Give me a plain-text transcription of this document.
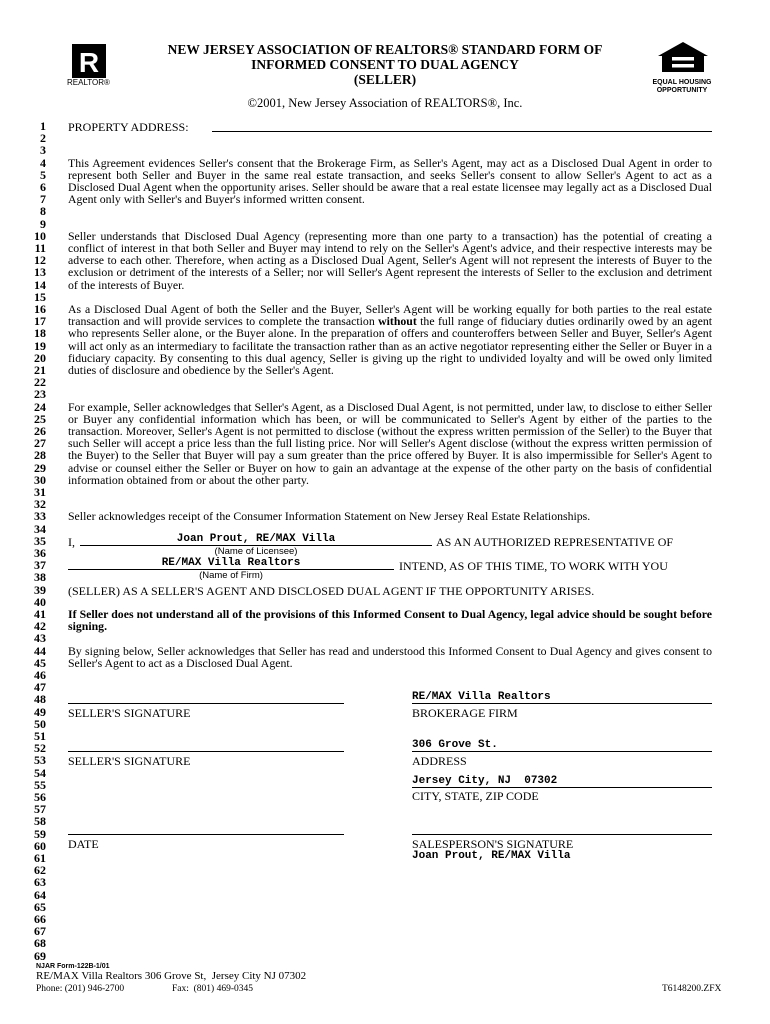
R
REALTOR®
NEW JERSEY ASSOCIATION OF REALTORS® STANDARD FORM OF
INFORMED CONSENT TO DUAL AGENCY
(SELLER)	EQUAL HOUSING
OPPORTUNITY
©2001, New Jersey Association of REALTORS®, Inc.
1
2
3
4
5
6
7
8
9
10
11
12
13
14
15
16
17
18
19
20
21
22
23
24
25
26
27
28
29
30
31
32
33
34
35
36
37
38
39
40
41
42
43
44
45
46
47
48
49
50
51
52
53
54
55
56
57
58
59
60
61
62
63
64
65
66
67
68
69
PROPERTY ADDRESS:
This Agreement evidences Seller's consent that the Brokerage Firm, as Seller's Agent, may act as a Disclosed Dual Agent in order to represent both Seller and Buyer in the same real estate transaction, and seeks Seller's consent to allow Seller's Agent to act as a Disclosed Dual Agent when the opportunity arises. Seller should be aware that a real estate licensee may legally act as a Disclosed Dual Agent only with Seller's and Buyer's informed written consent.
Seller understands that Disclosed Dual Agency (representing more than one party to a transaction) has the potential of creating a conflict of interest in that both Seller and Buyer may intend to rely on the Seller's Agent's advice, and their respective interests may be adverse to each other. Therefore, when acting as a Disclosed Dual Agent, Seller's Agent will not represent the interests of Buyer to the exclusion or detriment of the interests of a Seller; nor will Seller's Agent represent the interests of Seller to the exclusion and detriment of the interests of Buyer.
As a Disclosed Dual Agent of both the Seller and the Buyer, Seller's Agent will be working equally for both parties to the real estate transaction and will provide services to complete the transaction without the full range of fiduciary duties ordinarily owed by an agent who represents Seller alone, or the Buyer alone. In the preparation of offers and counteroffers between Seller and Buyer, Seller's Agent will act only as an intermediary to facilitate the transaction rather than as an active negotiator representing either the Seller or Buyer in a fiduciary capacity. By consenting to this dual agency, Seller is giving up the right to undivided loyalty and will be owed only limited duties of disclosure and obedience by the Seller's Agent.
For example, Seller acknowledges that Seller's Agent, as a Disclosed Dual Agent, is not permitted, under law, to disclose to either Seller or Buyer any confidential information which has been, or will be communicated to Seller's Agent by either of the parties to the transaction. Moreover, Seller's Agent is not permitted to disclose (without the express written permission of the Seller) to the Buyer that such Seller will accept a price less than the full listing price. Nor will Seller's Agent disclose (without the express written permission of the Buyer) to the Seller that Buyer will pay a sum greater than the price offered by Buyer. It is also impermissible for Seller's Agent to advise or counsel either the Seller or Buyer on how to gain an advantage at the expense of the other party on the basis of confidential information obtained from or about the other party.
Seller acknowledges receipt of the Consumer Information Statement on New Jersey Real Estate Relationships.
I,	Joan Prout, RE/MAX Villa	AS AN AUTHORIZED REPRESENTATIVE OF
(Name of Licensee)
RE/MAX Villa Realtors	INTEND, AS OF THIS TIME, TO WORK WITH YOU
(Name of Firm)
(SELLER) AS A SELLER'S AGENT AND DISCLOSED DUAL AGENT IF THE OPPORTUNITY ARISES.
If Seller does not understand all of the provisions of this Informed Consent to Dual Agency, legal advice should be sought before signing.
By signing below, Seller acknowledges that Seller has read and understood this Informed Consent to Dual Agency and gives consent to Seller's Agent to act as a Disclosed Dual Agent.
SELLER'S SIGNATURE
RE/MAX Villa Realtors
BROKERAGE FIRM
SELLER'S SIGNATURE
306 Grove St.
ADDRESS
Jersey City, NJ  07302
CITY, STATE, ZIP CODE
DATE	SALESPERSON'S SIGNATURE
Joan Prout, RE/MAX Villa
NJAR Form-122B-1/01
RE/MAX Villa Realtors 306 Grove St,  Jersey City NJ 07302
Phone: (201) 946-2700	Fax:  (801) 469-0345	T6148200.ZFX
